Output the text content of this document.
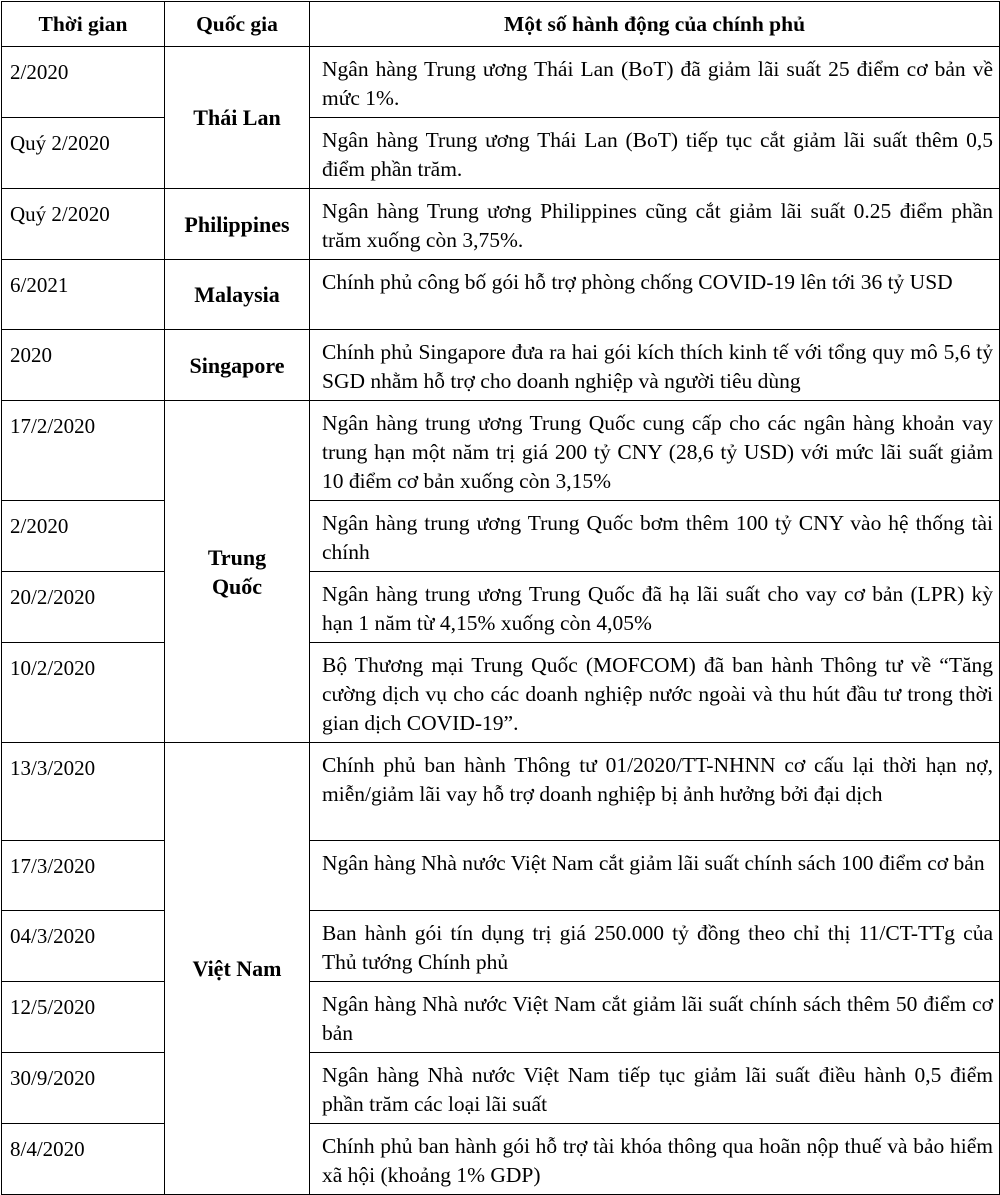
Thời gian	Quốc gia	Một số hành động của chính phủ
2/2020	Thái Lan	Ngân hàng Trung ương Thái Lan (BoT) đã giảm lãi suất 25 điểm cơ bản về mức 1%.
Quý 2/2020		Ngân hàng Trung ương Thái Lan (BoT) tiếp tục cắt giảm lãi suất thêm 0,5 điểm phần trăm.
Quý 2/2020	Philippines	Ngân hàng Trung ương Philippines cũng cắt giảm lãi suất 0.25 điểm phần trăm xuống còn 3,75%.
6/2021	Malaysia	Chính phủ công bố gói hỗ trợ phòng chống COVID-19 lên tới 36 tỷ USD
2020	Singapore	Chính phủ Singapore đưa ra hai gói kích thích kinh tế với tổng quy mô 5,6 tỷ SGD nhằm hỗ trợ cho doanh nghiệp và người tiêu dùng
17/2/2020	Trung Quốc	Ngân hàng trung ương Trung Quốc cung cấp cho các ngân hàng khoản vay trung hạn một năm trị giá 200 tỷ CNY (28,6 tỷ USD) với mức lãi suất giảm 10 điểm cơ bản xuống còn 3,15%
2/2020		Ngân hàng trung ương Trung Quốc bơm thêm 100 tỷ CNY vào hệ thống tài chính
20/2/2020		Ngân hàng trung ương Trung Quốc đã hạ lãi suất cho vay cơ bản (LPR) kỳ hạn 1 năm từ 4,15% xuống còn 4,05%
10/2/2020		Bộ Thương mại Trung Quốc (MOFCOM) đã ban hành Thông tư về “Tăng cường dịch vụ cho các doanh nghiệp nước ngoài và thu hút đầu tư trong thời gian dịch COVID-19”.
13/3/2020	Việt Nam	Chính phủ ban hành Thông tư 01/2020/TT-NHNN cơ cấu lại thời hạn nợ, miễn/giảm lãi vay hỗ trợ doanh nghiệp bị ảnh hưởng bởi đại dịch
17/3/2020		Ngân hàng Nhà nước Việt Nam cắt giảm lãi suất chính sách 100 điểm cơ bản
04/3/2020		Ban hành gói tín dụng trị giá 250.000 tỷ đồng theo chỉ thị 11/CT-TTg của Thủ tướng Chính phủ
12/5/2020		Ngân hàng Nhà nước Việt Nam cắt giảm lãi suất chính sách thêm 50 điểm cơ bản
30/9/2020		Ngân hàng Nhà nước Việt Nam tiếp tục giảm lãi suất điều hành 0,5 điểm phần trăm các loại lãi suất
8/4/2020		Chính phủ ban hành gói hỗ trợ tài khóa thông qua hoãn nộp thuế và bảo hiểm xã hội (khoảng 1% GDP)
